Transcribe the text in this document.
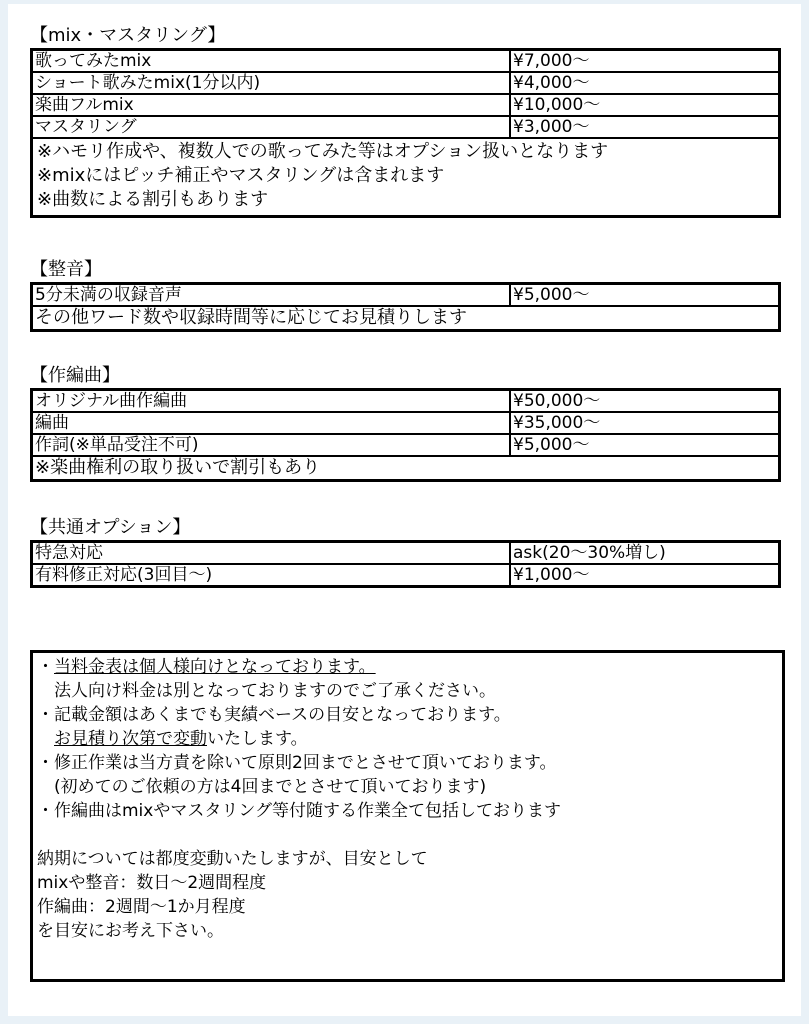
【mix・マスタリング】
歌ってみたmix	¥7,000〜
ショート歌みたmix(1分以内)	¥4,000〜
楽曲フルmix	¥10,000〜
マスタリング	¥3,000〜
※ハモリ作成や、複数人での歌ってみた等はオプション扱いとなります
※mixにはピッチ補正やマスタリングは含まれます
※曲数による割引もあります
【整音】
5分未満の収録音声	¥5,000〜
その他ワード数や収録時間等に応じてお見積りします
【作編曲】
オリジナル曲作編曲	¥50,000〜
編曲	¥35,000〜
作詞(※単品受注不可)	¥5,000〜
※楽曲権利の取り扱いで割引もあり
【共通オプション】
特急対応	ask(20〜30%増し)
有料修正対応(3回目〜)	¥1,000〜
・当料金表は個人様向けとなっております。
　法人向け料金は別となっておりますのでご了承ください。
・記載金額はあくまでも実績ベースの目安となっております。
　お見積り次第で変動いたします。
・修正作業は当方責を除いて原則2回までとさせて頂いております。
　(初めてのご依頼の方は4回までとさせて頂いております)
・作編曲はmixやマスタリング等付随する作業全て包括しております
納期については都度変動いたしますが、目安として
mixや整音：数日〜2週間程度
作編曲：2週間〜1か月程度
を目安にお考え下さい。
